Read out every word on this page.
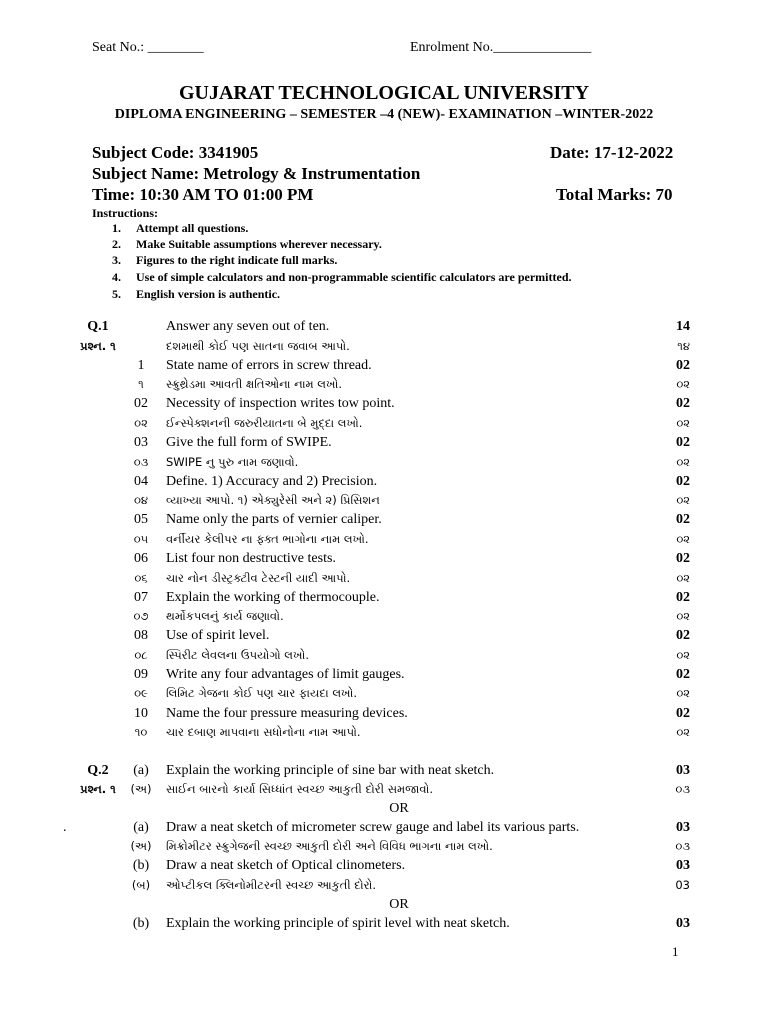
Seat No.: ________	Enrolment No.______________
GUJARAT TECHNOLOGICAL UNIVERSITY
DIPLOMA ENGINEERING – SEMESTER –4 (NEW)- EXAMINATION –WINTER-2022
Subject Code: 3341905	Date: 17-12-2022
Subject Name: Metrology & Instrumentation
Time: 10:30 AM TO 01:00 PM	Total Marks: 70
Instructions:
1. Attempt all questions.
2. Make Suitable assumptions wherever necessary.
3. Figures to the right indicate full marks.
4. Use of simple calculators and non-programmable scientific calculators are permitted.
5. English version is authentic.
Q.1	Answer any seven out of ten.	14
પ્રશ્ન. ૧	દશમાથી કોઈ પણ સાતના જવાબ આપો.	૧૪
1	State name of errors in screw thread.	02
૧	સ્ક્રુથ્રેડમા આવતી ક્ષતિઓના નામ લખો.	૦૨
02	Necessity of inspection writes tow point.	02
૦૨	ઈન્સ્પેક્શનની જરુરીયાતના બે મુદ્દા લખો.	૦૨
03	Give the full form of SWIPE.	02
૦૩	SWIPE નુ પુરુ નામ જણાવો.	૦૨
04	Define. 1) Accuracy and 2) Precision.	02
૦૪	વ્યાખ્યા આપો. ૧) એક્યુરેસી અને ૨) પ્રિસિશન	૦૨
05	Name only the parts of vernier caliper.	02
૦૫	વર્નીયર કેલીપર ના ફ્ક્ત ભાગોના નામ લખો.	૦૨
06	List four non destructive tests.	02
૦૬	ચાર નોન ડીસ્ટ્રક્ટીવ ટેસ્ટની યાદી આપો.	૦૨
07	Explain the working of thermocouple.	02
૦૭	થર્મોકપલનું કાર્ય જણાવો.	૦૨
08	Use of spirit level.	02
૦૮	સ્પિરીટ લેવલના ઉપયોગો લખો.	૦૨
09	Write any four advantages of limit gauges.	02
૦૯	લિમિટ ગેજના કોઈ પણ ચાર ફાયદા લખો.	૦૨
10	Name the four pressure measuring devices.	02
૧૦	ચાર દબાણ માપવાના સધોનોના નામ આપો.	૦૨
Q.2	(a)	Explain the working principle of sine bar with neat sketch.	03
પ્રશ્ન. ૧	(અ)	સાઈન બારનો કાર્યા સિધ્ધાંત સ્વચ્છ આકુતી દોરી સમજાવો.	૦૩
(a)	Draw a neat sketch of micrometer screw gauge and label its various parts.	03
(અ)	મિક્રોમીટર સ્ક્રુગેજની સ્વચ્છ આકુતી દોરી અને વિવિધ ભાગના નામ લખો.	૦૩
(b)	Draw a neat sketch of Optical clinometers.	03
(બ)	ઓપ્ટીકલ ક્લિનોમીટરની સ્વચ્છ આકુતી દોરો.	03
(b)	Explain the working principle of spirit level with neat sketch.	03
OR
OR
.
1
